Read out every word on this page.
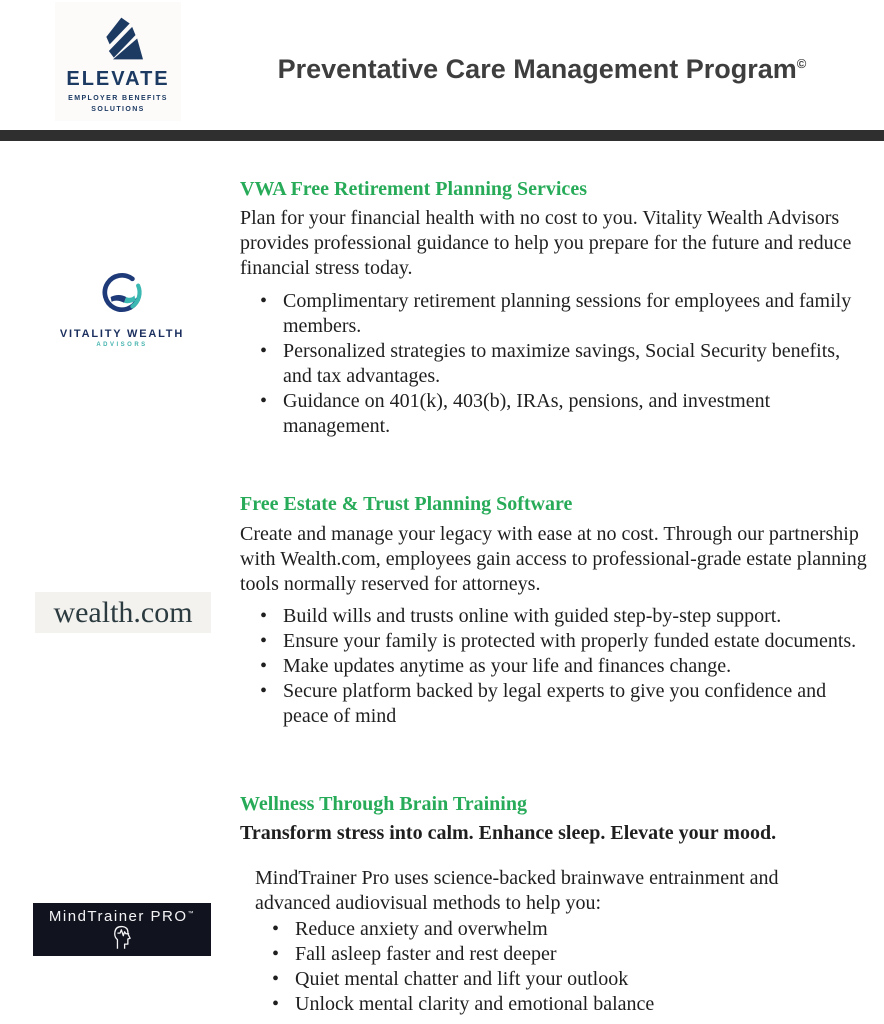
ELEVATE
EMPLOYER BENEFITS
SOLUTIONS
Preventative Care Management Program©
VWA Free Retirement Planning Services
Plan for your financial health with no cost to you. Vitality Wealth Advisors provides professional guidance to help you prepare for the future and reduce financial stress today.
• Complimentary retirement planning sessions for employees and family members.
• Personalized strategies to maximize savings, Social Security benefits, and tax advantages.
• Guidance on 401(k), 403(b), IRAs, pensions, and investment management.
VITALITY WEALTH
ADVISORS
Free Estate & Trust Planning Software
Create and manage your legacy with ease at no cost. Through our partnership with Wealth.com, employees gain access to professional-grade estate planning tools normally reserved for attorneys.
• Build wills and trusts online with guided step-by-step support.
• Ensure your family is protected with properly funded estate documents.
• Make updates anytime as your life and finances change.
• Secure platform backed by legal experts to give you confidence and peace of mind
wealth.com
Wellness Through Brain Training
Transform stress into calm. Enhance sleep. Elevate your mood.
MindTrainer Pro uses science-backed brainwave entrainment and advanced audiovisual methods to help you:
• Reduce anxiety and overwhelm
• Fall asleep faster and rest deeper
• Quiet mental chatter and lift your outlook
• Unlock mental clarity and emotional balance
MindTrainer PRO™
